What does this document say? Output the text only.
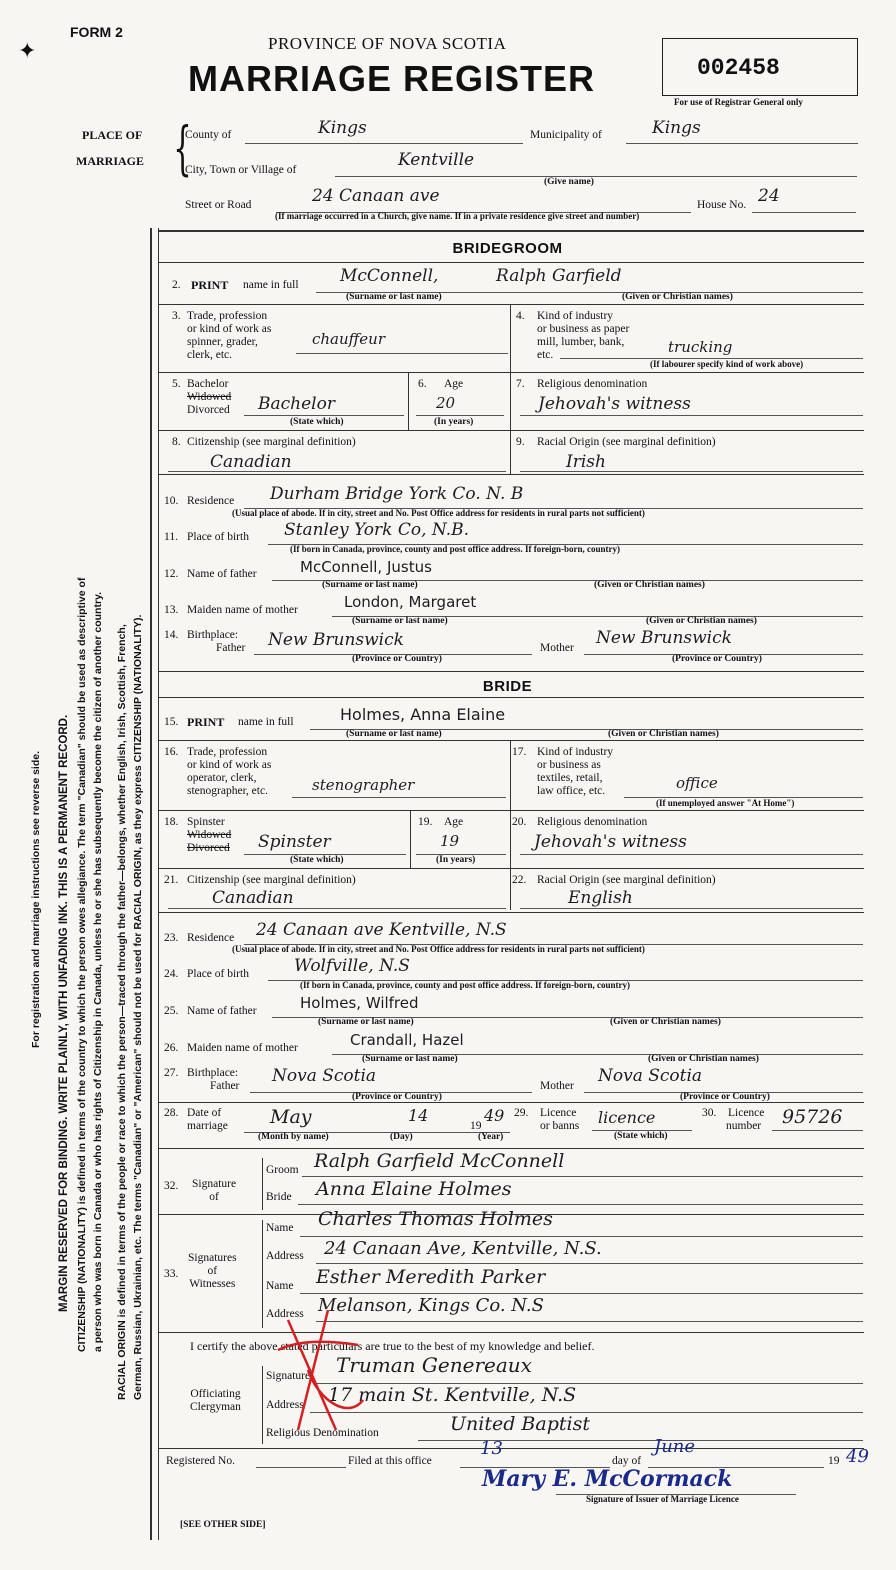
FORM 2
✦	PROVINCE OF NOVA SCOTIA
MARRIAGE REGISTER	002458
For use of Registrar General only
PLACE OF
MARRIAGE {
County of	Kings	Municipality of	Kings
City, Town or Village of	Kentville
(Give name)
Street or Road	24 Canaan ave	House No. 24
(If marriage occurred in a Church, give name. If in a private residence give street and number)
For registration and marriage instructions see reverse side. MARGIN RESERVED FOR BINDING. WRITE PLAINLY, WITH UNFADING INK. THIS IS A PERMANENT RECORD. CITIZENSHIP (NATIONALITY) is defined in terms of the country to which the person owes allegiance. The term "Canadian" should be used as descriptive of a person who was born in Canada or who has rights of Citizenship in Canada, unless he or she has subsequently become the citizen of another country. RACIAL ORIGIN is defined in terms of the people or race to which the person—traced through the father—belongs, whether English, Irish, Scottish, French, German, Russian, Ukrainian, etc. The terms "Canadian" or "American" should not be used for RACIAL ORIGIN, as they express CITIZENSHIP (NATIONALITY).
BRIDEGROOM
2. PRINT name in full McConnell,	Ralph Garfield
(Surname or last name)	(Given or Christian names)
3. Trade, profession
or kind of work as
spinner, grader,
clerk, etc.
chauffeur
4. Kind of industry
or business as paper
mill, lumber, bank,
etc.	trucking
(If labourer specify kind of work above)
5. Bachelor
Widowed
Divorced Bachelor
(State which)
6. Age
20
(In years)
7. Religious denomination
Jehovah's witness
8. Citizenship (see marginal definition)
Canadian
9. Racial Origin (see marginal definition)
Irish
10. Residence Durham Bridge York Co. N. B
(Usual place of abode. If in city, street and No. Post Office address for residents in rural parts not sufficient)
11. Place of birth Stanley York Co, N.B.
(If born in Canada, province, county and post office address. If foreign-born, country)
12. Name of father	McConnell, Justus
(Surname or last name)	(Given or Christian names)
13. Maiden name of mother	London, Margaret
(Surname or last name)	(Given or Christian names)
14. Birthplace:
Father New Brunswick
(Province or Country)
Mother New Brunswick
(Province or Country)
BRIDE
15. PRINT name in full	Holmes, Anna Elaine
(Surname or last name)	(Given or Christian names)
16. Trade, profession
or kind of work as
operator, clerk,
stenographer, etc.	stenographer
17. Kind of industry
or business as
textiles, retail,
law office, etc.	office
(If unemployed answer "At Home")
18. Spinster
Widowed
Divorced Spinster
(State which)
19. Age
19
(In years)
20. Religious denomination
Jehovah's witness
21. Citizenship (see marginal definition)
Canadian
22. Racial Origin (see marginal definition)
English
23. Residence 24 Canaan ave Kentville, N.S
(Usual place of abode. If in city, street and No. Post Office address for residents in rural parts not sufficient)
24. Place of birth	Wolfville, N.S
(If born in Canada, province, county and post office address. If foreign-born, country)
25. Name of father	Holmes, Wilfred
(Surname or last name)	(Given or Christian names)
26. Maiden name of mother	Crandall, Hazel
(Surname or last name)	(Given or Christian names)
27. Birthplace:
Father Nova Scotia
(Province or Country)
Mother Nova Scotia
(Province or Country)
28. Date of
marriage May	14
19
49
(Month by name)	(Day)	(Year)
29. Licence
or banns licence
(State which)
30. Licence
number 95726
32. Signature
of
Groom Ralph Garfield McConnell
Bride Anna Elaine Holmes
33.
Signatures
of
Witnesses
Name Charles Thomas Holmes
Address 24 Canaan Ave, Kentville, N.S.
Name Esther Meredith Parker
Address Melanson, Kings Co. N.S
I certify the above stated particulars are true to the best of my knowledge and belief.
Officiating
Clergyman
Signature Truman Genereaux
Address 17 main St. Kentville, N.S
Religious Denomination	United Baptist
Registered No.	Filed at this office
13
day of
June
19 49
Mary E. McCormack
Signature of Issuer of Marriage Licence
[SEE OTHER SIDE]
